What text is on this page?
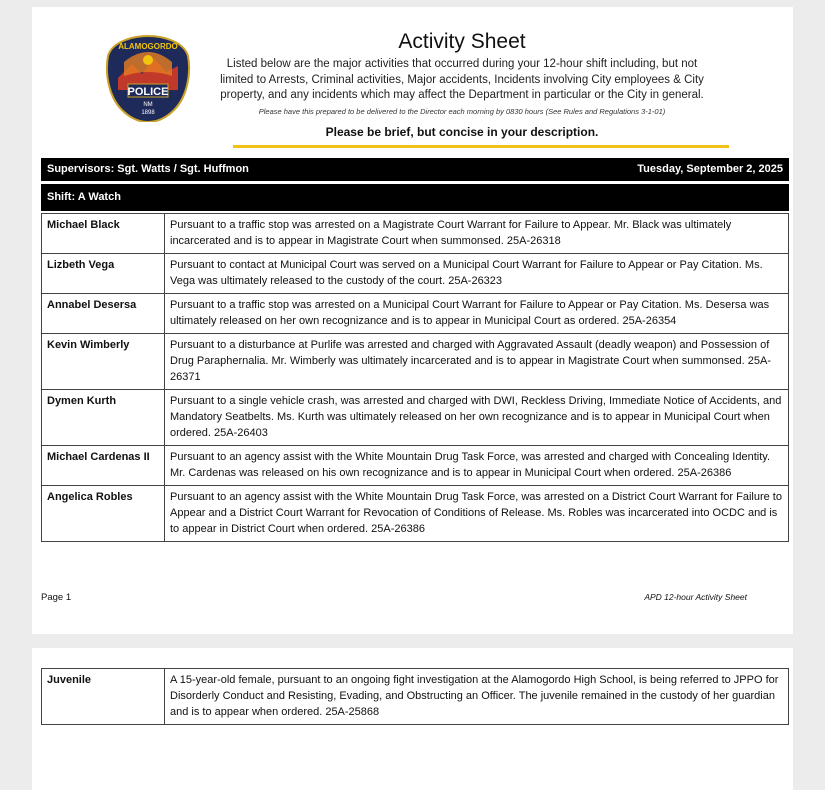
POLICE
ALAMOGORDO
NM
1898
Activity Sheet
Listed below are the major activities that occurred during your 12-hour shift including, but not limited to Arrests, Criminal activities, Major accidents, Incidents involving City employees & City property, and any incidents which may affect the Department in particular or the City in general.
Please have this prepared to be delivered to the Director each morning by 0830 hours (See Rules and Regulations 3-1-01)
Please be brief, but concise in your description.
Supervisors: Sgt. Watts / Sgt. Huffmon	Tuesday, September 2, 2025
Shift: A Watch
Michael Black	Pursuant to a traffic stop was arrested on a Magistrate Court Warrant for Failure to Appear. Mr. Black was ultimately incarcerated and is to appear in Magistrate Court when summonsed. 25A-26318
Lizbeth Vega	Pursuant to contact at Municipal Court was served on a Municipal Court Warrant for Failure to Appear or Pay Citation. Ms. Vega was ultimately released to the custody of the court. 25A-26323
Annabel Desersa	Pursuant to a traffic stop was arrested on a Municipal Court Warrant for Failure to Appear or Pay Citation. Ms. Desersa was ultimately released on her own recognizance and is to appear in Municipal Court as ordered. 25A-26354
Kevin Wimberly	Pursuant to a disturbance at Purlife was arrested and charged with Aggravated Assault (deadly weapon) and Possession of Drug Paraphernalia. Mr. Wimberly was ultimately incarcerated and is to appear in Magistrate Court when summonsed. 25A-26371
Dymen Kurth	Pursuant to a single vehicle crash, was arrested and charged with DWI, Reckless Driving, Immediate Notice of Accidents, and Mandatory Seatbelts. Ms. Kurth was ultimately released on her own recognizance and is to appear in Municipal Court when ordered. 25A-26403
Michael Cardenas II	Pursuant to an agency assist with the White Mountain Drug Task Force, was arrested and charged with Concealing Identity. Mr. Cardenas was released on his own recognizance and is to appear in Municipal Court when ordered. 25A-26386
Angelica Robles	Pursuant to an agency assist with the White Mountain Drug Task Force, was arrested on a District Court Warrant for Failure to Appear and a District Court Warrant for Revocation of Conditions of Release. Ms. Robles was incarcerated into OCDC and is to appear in District Court when ordered. 25A-26386
Page 1	APD 12-hour Activity Sheet
Juvenile	A 15-year-old female, pursuant to an ongoing fight investigation at the Alamogordo High School, is being referred to JPPO for Disorderly Conduct and Resisting, Evading, and Obstructing an Officer. The juvenile remained in the custody of her guardian and is to appear when ordered. 25A-25868
